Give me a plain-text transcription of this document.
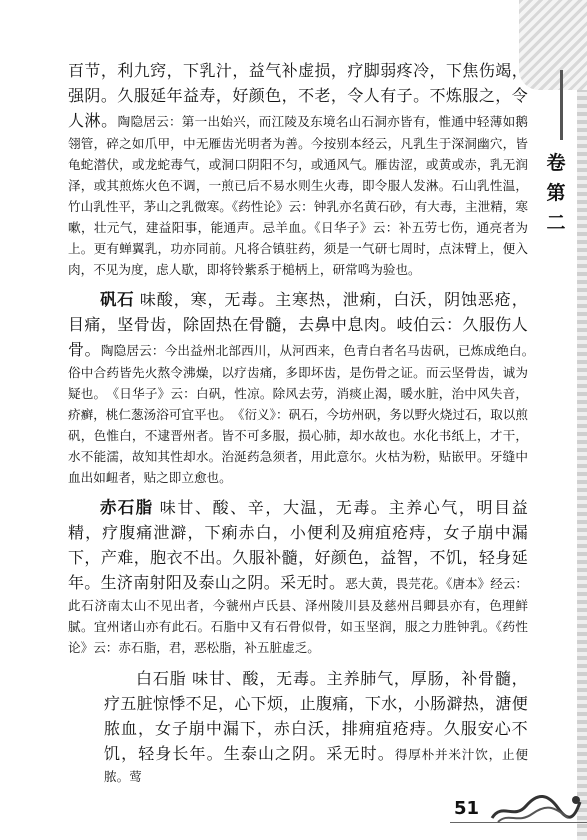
卷
第
二

百节，利九窍，下乳汁，益气补虚损，疗脚弱疼冷，下焦伤竭，强阴。久服延年益寿，好颜色，不老，令人有子。不炼服之，令人淋。陶隐居云：第一出始兴，而江陵及东境名山石洞亦皆有，惟通中轻薄如鹅翎管，碎之如爪甲，中无雁齿光明者为善。今按别本经云，凡乳生于深洞幽穴，皆龟蛇潜伏，或龙蛇毒气，或洞口阴阳不匀，或通风气。雁齿涩，或黄或赤，乳无润泽，或其煎炼火色不调，一煎已后不易水则生火毒，即令服人发淋。石山乳性温，竹山乳性平，茅山之乳微寒。《药性论》云：钟乳亦名黄石砂，有大毒，主泄精，寒嗽，壮元气，建益阳事，能通声。忌羊血。《日华子》云：补五劳七伤，通亮者为上。更有蝉翼乳，功亦同前。凡将合镇驻药，须是一气研七周时，点沫臂上，便入肉，不见为度，虑人歇，即将铃紫系于槌柄上，研常鸣为验也。

矾石 味酸，寒，无毒。主寒热，泄痢，白沃，阴蚀恶疮，目痛，坚骨齿，除固热在骨髓，去鼻中息肉。岐伯云：久服伤人骨。陶隐居云：今出益州北部西川，从河西来，色青白者名马齿矾，已炼成绝白。　俗中合药皆先火熬令沸燥，以疗齿痛，多即坏齿，是伤骨之证。而云坚骨齿，诚为疑也。　《日华子》云：白矾，性凉。除风去劳，消痰止渴，暖水脏，治中风失音，疥癣，桃仁葱汤浴可宜平也。　《衍义》：矾石，今坊州矾，务以野火烧过石，取以煎矾，色惟白，不逮晋州者。皆不可多服，损心肺，却水故也。水化书纸上，才干，水不能濡，故知其性却水。治涎药急须者，用此意尔。火枯为粉，贴嵌甲。牙缝中血出如衄者，贴之即立愈也。

赤石脂 味甘、酸、辛，大温，无毒。主养心气，明目益精，疗腹痛泄澼，下痢赤白，小便利及痈疽疮痔，女子崩中漏下，产难，胞衣不出。久服补髓，好颜色，益智，不饥，轻身延年。生济南射阳及泰山之阴。采无时。恶大黄，畏芫花。《唐本》经云：此石济南太山不见出者，今虢州卢氏县、泽州陵川县及慈州吕卿县亦有，色理鲜腻。宜州诸山亦有此石。石脂中又有石骨似骨，如玉坚润，服之力胜钟乳。《药性论》云：赤石脂，君，恶松脂，补五脏虚乏。

白石脂 味甘、酸，无毒。主养肺气，厚肠，补骨髓，疗五脏惊悸不足，心下烦，止腹痛，下水，小肠澼热，溏便脓血，女子崩中漏下，赤白沃，排痈疽疮痔。久服安心不饥，轻身长年。生泰山之阴。采无时。得厚朴并米汁饮，止便脓。莺

51
